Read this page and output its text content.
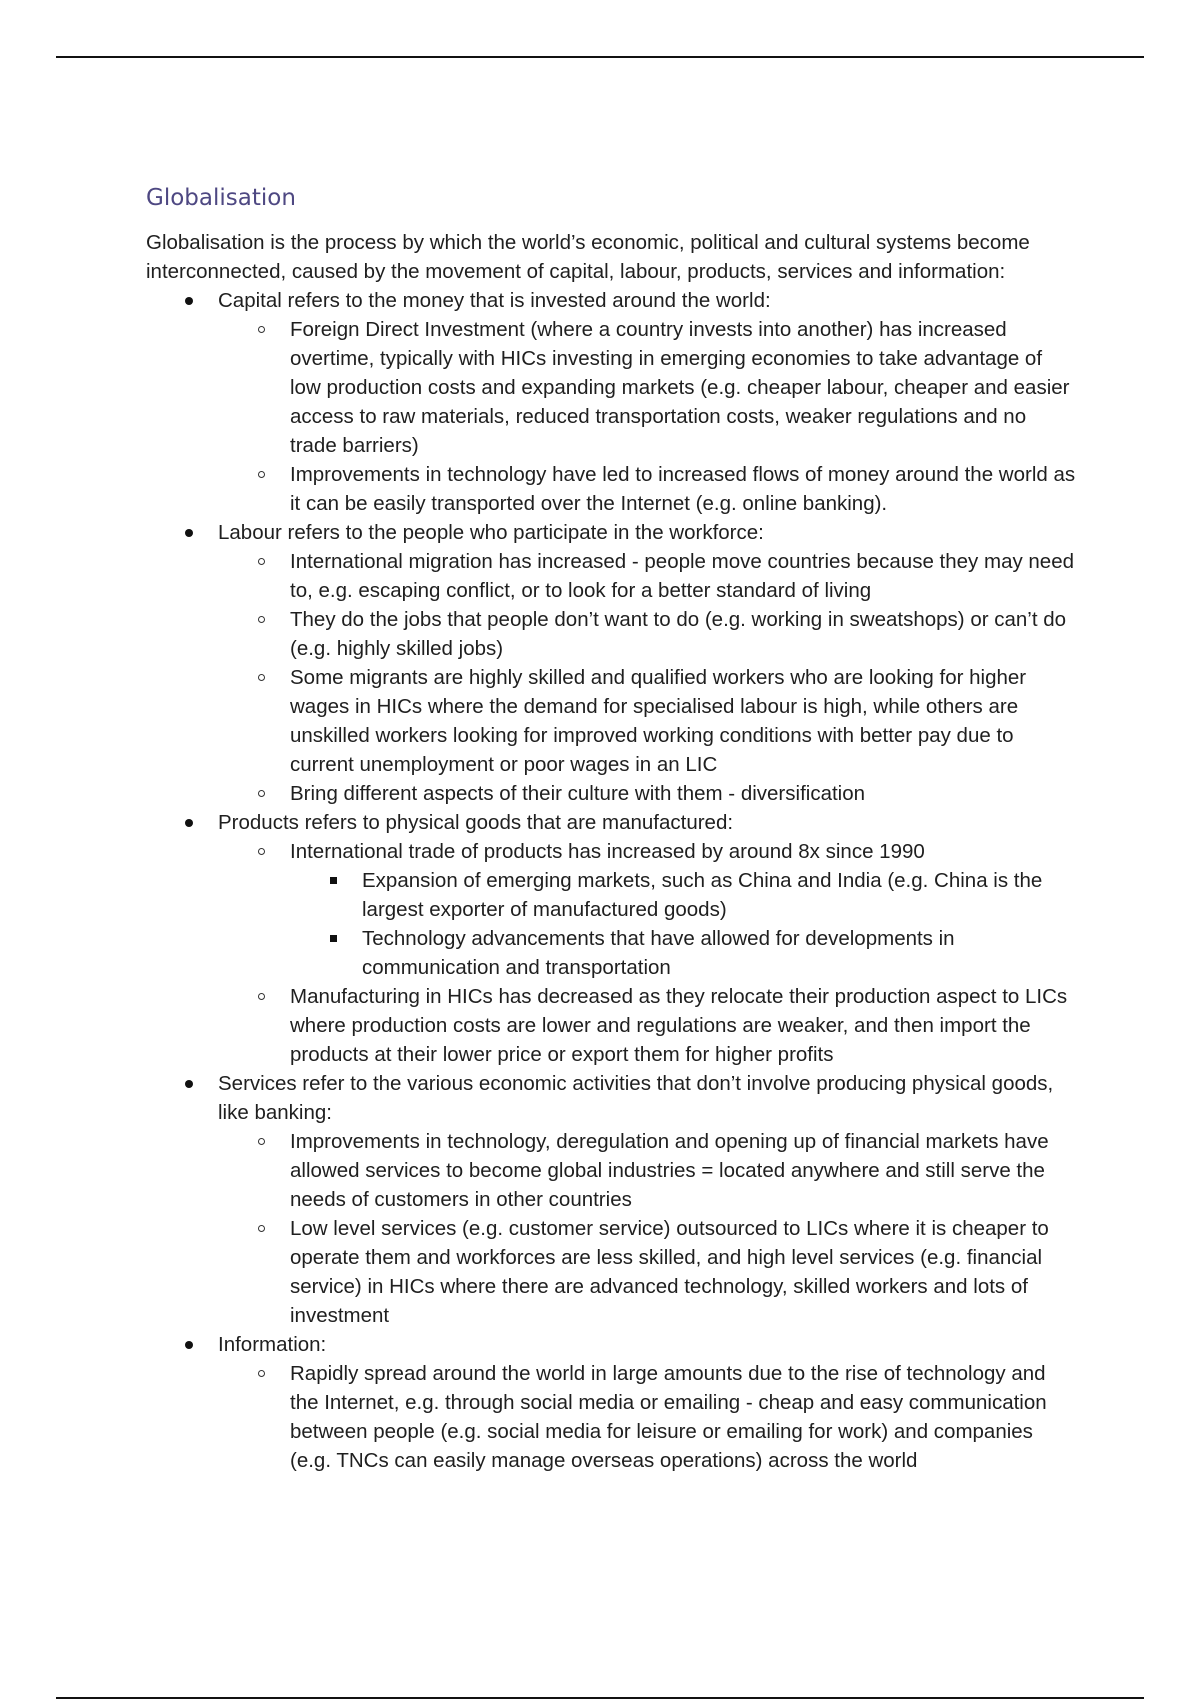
Globalisation

Globalisation is the process by which the world’s economic, political and cultural systems become interconnected, caused by the movement of capital, labour, products, services and information:

Capital refers to the money that is invested around the world:
Foreign Direct Investment (where a country invests into another) has increased overtime, typically with HICs investing in emerging economies to take advantage of low production costs and expanding markets (e.g. cheaper labour, cheaper and easier access to raw materials, reduced transportation costs, weaker regulations and no trade barriers)
Improvements in technology have led to increased flows of money around the world as it can be easily transported over the Internet (e.g. online banking).
Labour refers to the people who participate in the workforce:
International migration has increased - people move countries because they may need to, e.g. escaping conflict, or to look for a better standard of living
They do the jobs that people don’t want to do (e.g. working in sweatshops) or can’t do (e.g. highly skilled jobs)
Some migrants are highly skilled and qualified workers who are looking for higher wages in HICs where the demand for specialised labour is high, while others are unskilled workers looking for improved working conditions with better pay due to current unemployment or poor wages in an LIC
Bring different aspects of their culture with them - diversification
Products refers to physical goods that are manufactured:
International trade of products has increased by around 8x since 1990
Expansion of emerging markets, such as China and India (e.g. China is the largest exporter of manufactured goods)
Technology advancements that have allowed for developments in communication and transportation
Manufacturing in HICs has decreased as they relocate their production aspect to LICs where production costs are lower and regulations are weaker, and then import the products at their lower price or export them for higher profits
Services refer to the various economic activities that don’t involve producing physical goods, like banking:
Improvements in technology, deregulation and opening up of financial markets have allowed services to become global industries = located anywhere and still serve the needs of customers in other countries
Low level services (e.g. customer service) outsourced to LICs where it is cheaper to operate them and workforces are less skilled, and high level services (e.g. financial service) in HICs where there are advanced technology, skilled workers and lots of investment
Information:
Rapidly spread around the world in large amounts due to the rise of technology and the Internet, e.g. through social media or emailing - cheap and easy communication between people (e.g. social media for leisure or emailing for work) and companies (e.g. TNCs can easily manage overseas operations) across the world
